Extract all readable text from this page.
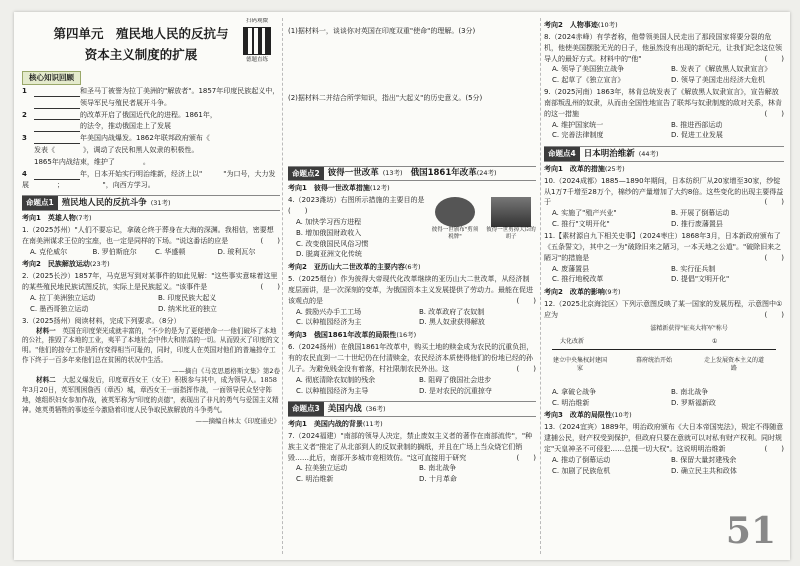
扫码观微
德题直练
第四单元　殖民地人民的反抗与
资本主义制度的扩展
核心知识回顾
1	和圣马丁被誉为拉丁美洲的"解放者"。1857年印度民族起义中，
领导军民与殖民者展开斗争。
2	的改革开启了俄国近代化的进程。1861年，
的法令，推动俄国走上了发展
3	年美国内战爆发。1862年联邦政府颁布《
发表《　　　　》，调动了农民和黑人奴隶的积极性。
1865年内战结束，维护了　　　　。
4	年，日本开始实行明治维新，经济上以"　　　"为口号，大力发展　　　　；　　　　　　"，向西方学习。
命题点1 殖民地人民的反抗斗争 (31考)
考向1　英雄人物(7考)
1.（2025苏州）"人们不要忘记，拿破仑终于葬身在大海的深渊。我相信，密要想在南美洲谋求王位的宝座，也一定是同样的下场。"说这番话的应是	(　　)
A. 克伦威尔	B. 罗伯斯庇尔	C. 华盛顿	D. 玻利瓦尔
考向2　民族解放运动(23考)
2.（2025长沙）1857年，马克思写到对某事件的如此见解："这些事实意味着这里的某些殖民地民族试图反抗，实际上是民族起义。"该事件是	(　　)
A. 拉丁美洲独立运动	B. 印度民族大起义
C. 墨西哥独立运动	D. 纳米比亚的独立
3.（2025扬州）阅读材料，完成下列要求。（8分）
材料一　 英国在印度荣光成就丰富的，"不少的是为了更便使命一一他们破坏了本地的公社，推毁了本地的工业，夷平了本地社会中伟大和崇高的一切。从而毁灭了印度的文明。"他们的掠夺工作是所有变得相当可耻的，同时，印度人在英国对他们的普遍掠夺工作下终于一百多年来他们总在贫困的状况中生活。
——摘自《马克思恩格斯文集》第2卷
材料二　 大起义爆发后，印度章西女王（女王）积极参与其中，成为领导人。1858年3月20日，英军围困詹西（章西）城，章西女王一面指挥作战，一面领导民众坚守阵地，她组织妇女参加作战，被英军称为"印度的贞德"，表现出了非凡的勇气与爱国主义精神。她英勇牺牲的事迹至今激励着印度人民争取民族解放的斗争勇气。
——摘编自林太《印度通史》
(1)据材料一，谈谈你对英国在印度双重"使命"的理解。(3分)
(2)据材料二并结合所学知识，指出"大起义"的历史意义。(5分)
命题点2 彼得一世改革 (13考) 俄国1861年改革 (24考)
考向1　彼得一世改革措施(12考)
彼得一世颁布"剪须税牌"
彼得一世剪掉大臣的胡子
4.（2023潍坊）右图所示措施的主要目的是 (　　)
A. 加快学习西方进程
B. 增加俄国财政收入
C. 改变俄国民风俗习惯
D. 脱离亚洲文化传统
考向2　亚历山大二世改革的主要内容(6考)
5.（2025烟台）作为彼得大帝现代化改革继续的亚历山大二世改革，从经济制度层面讲，是一次深刻的变革，为俄国资本主义发展提供了劳动力。最能在促进该观点的是	(　　)
A. 鼓励兴办手工工场	B. 改革政府了农奴制
C. 以种植园经济为主	D. 黑人奴隶获得解放
考向3　俄国1861年改革的局限性(16考)
6.（2024扬州）在俄国1861年改革中，购买土地的赎金成为农民的沉重负担，有的农民直到一二十世纪仍在付清赎金，农民经济本质使得他们的份地已经的孙儿子。为避免贱金没有着落，村社限制农民外出。这	(　　)
A. 彻底清除农奴制的残余	B. 阻碍了俄国社会进步
C. 以种植园经济为主导	D. 是对农民的沉重掠夺
命题点3 美国内战 (36考)
考向1　美国内战的背景(11考)
7.（2024福建）"南部的领导人决定，禁止废奴主义者的著作在南部流传"，"种族主义者"推定了从北部到人的反奴隶制的搁纸，并且在广场上当众烧它们销毁……此后，南部开多城市竞相效仿。"这可直接用于研究	(　　)
A. 拉美独立运动	B. 南北战争
C. 明治维新	D. 十月革命
考向2　人物事迹(10考)
8.（2024赤峰）有学者称，他带领美国人民走出了那段国家将要分裂的危机，他使美国摆脱无光的日子，他虽然没有出现的新纪元，让我们纪念这位领导人的最好方式。材料中的"他"	(　　)
A. 领导了美国独立战争	B. 发表了《解放黑人奴隶宣言》
C. 起草了《独立宣言》	D. 领导了美国走出经济大危机
9.（2025河南）1863年，林肯总统发表了《解放黑人奴隶宣言》，宣告解放南部叛乱州的奴隶，从而由全国性地宣告了联邦与奴隶制度的敌对关系，林肯的这一措施	(　　)
A. 维护国家统一	B. 推进西部运动
C. 完善法律制度	D. 促进工业发展
命题点4 日本明治维新 (44考)
考向1　改革的措施(25考)
10.（2024成都）1885—1890年期间，日本纺织厂从20家增至30家，纱锭从1万7千增至28万个，棉纱的产量增加了大约8倍。这些变化的出现主要得益于	(　　)
A. 实施了"殖产兴业"	B. 开展了倒幕运动
C. 推行"文明开化"	D. 推行废藩置县
11.【素材源自九下相关史事】（2024枣庄）1868年3月，日本新政府颁布了《五条誓文》，其中之一为"破除旧来之陋习，一本天地之公道"。"破除旧来之陋习"的措施是	(　　)
A. 废藩置县	B. 实行征兵制
C. 推行地税改革	D. 提倡"文明开化"
考向2　改革的影响(9考)
12.（2025北京海淀区）下列示意图反映了某一国家的发展历程，示意图中①应为	(　　)
滋精新获得"征夷大将军"称号
大化改新	①
建立中央集权封建国家
幕府统治开始	走上发展资本主义的道路
A. 拿破仑战争	B. 南北战争
C. 明治维新	D. 罗斯福新政
考向3　改革的局限性(10考)
13.（2024宜宾）1889年，明治政府颁布《大日本帝国宪法》，规定不得随意逮捕公民，财产权受到保护，但政府只要在意就可以对私有财产权利。同时规定"天皇神圣不可侵犯……总揽一切大权"。这说明明治维新	(　　)
A. 推动了倒幕运动	B. 保留大量封建残余
C. 加剧了民族危机	D. 确立民主共和政体
51
